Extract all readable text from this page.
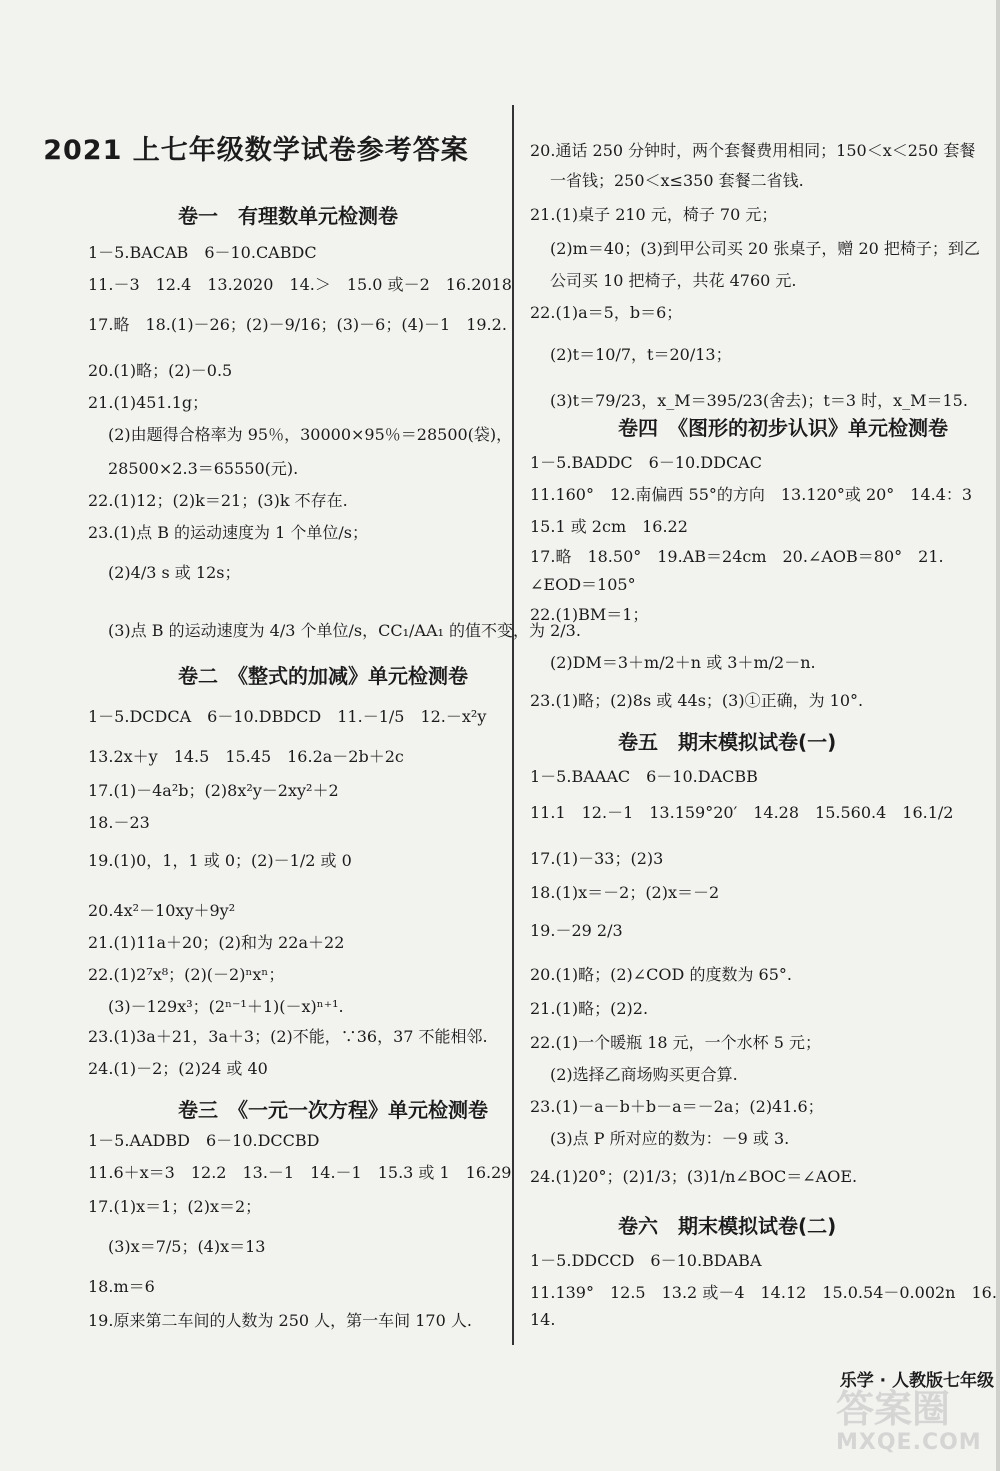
2021 上七年级数学试卷参考答案
卷一　有理数单元检测卷
1－5.BACAB　6－10.CABDC
11.－3　12.4　13.2020　14.＞　15.0 或－2　16.2018
17.略　18.(1)－26；(2)－9/16；(3)－6；(4)－1　19.2.
20.(1)略；(2)－0.5
21.(1)451.1g；
(2)由题得合格率为 95％，30000×95％＝28500(袋)，
28500×2.3＝65550(元).
22.(1)12；(2)k＝21；(3)k 不存在.
23.(1)点 B 的运动速度为 1 个单位/s；
(2)4/3 s 或 12s；
(3)点 B 的运动速度为 4/3 个单位/s，CC₁/AA₁ 的值不变，为 2/3.
卷二　《整式的加减》单元检测卷
1－5.DCDCA　6－10.DBDCD　11.－1/5　12.－x²y
13.2x＋y　14.5　15.45　16.2a－2b＋2c
17.(1)－4a²b；(2)8x²y－2xy²＋2
18.－23
19.(1)0，1，1 或 0；(2)－1/2 或 0
20.4x²－10xy＋9y²
21.(1)11a＋20；(2)和为 22a＋22
22.(1)2⁷x⁸；(2)(－2)ⁿxⁿ；
(3)－129x³；(2ⁿ⁻¹＋1)(－x)ⁿ⁺¹.
23.(1)3a＋21，3a＋3；(2)不能，∵36，37 不能相邻.
24.(1)－2；(2)24 或 40
卷三　《一元一次方程》单元检测卷
1－5.AADBD　6－10.DCCBD
11.6＋x＝3　12.2　13.－1　14.－1　15.3 或 1　16.29
17.(1)x＝1；(2)x＝2；
(3)x＝7/5；(4)x＝13
18.m＝6
19.原来第二车间的人数为 250 人，第一车间 170 人.
20.通话 250 分钟时，两个套餐费用相同；150＜x＜250 套餐
一省钱；250＜x≤350 套餐二省钱.
21.(1)桌子 210 元，椅子 70 元；
(2)m＝40；(3)到甲公司买 20 张桌子，赠 20 把椅子；到乙
公司买 10 把椅子，共花 4760 元.
22.(1)a＝5，b＝6；
(2)t＝10/7，t＝20/13；
(3)t＝79/23，x_M＝395/23(舍去)；t＝3 时，x_M＝15.
卷四　《图形的初步认识》单元检测卷
1－5.BADDC　6－10.DDCAC
11.160°　12.南偏西 55°的方向　13.120°或 20°　14.4：3
15.1 或 2cm　16.22
17.略　18.50°　19.AB＝24cm　20.∠AOB＝80°　21.
∠EOD＝105°
22.(1)BM＝1；
(2)DM＝3＋m/2＋n 或 3＋m/2－n.
23.(1)略；(2)8s 或 44s；(3)①正确，为 10°.
卷五　期末模拟试卷(一)
1－5.BAAAC　6－10.DACBB
11.1　12.－1　13.159°20′　14.28　15.560.4　16.1/2
17.(1)－33；(2)3
18.(1)x＝－2；(2)x＝－2
19.－29 2/3
20.(1)略；(2)∠COD 的度数为 65°.
21.(1)略；(2)2.
22.(1)一个暖瓶 18 元，一个水杯 5 元；
(2)选择乙商场购买更合算.
23.(1)－a－b＋b－a＝－2a；(2)41.6；
(3)点 P 所对应的数为：－9 或 3.
24.(1)20°；(2)1/3；(3)1/n∠BOC＝∠AOE.
卷六　期末模拟试卷(二)
1－5.DDCCD　6－10.BDABA
11.139°　12.5　13.2 或－4　14.12　15.0.54－0.002n　16.
14.
乐学 · 人教版七年级
答案圈
MXQE.COM
